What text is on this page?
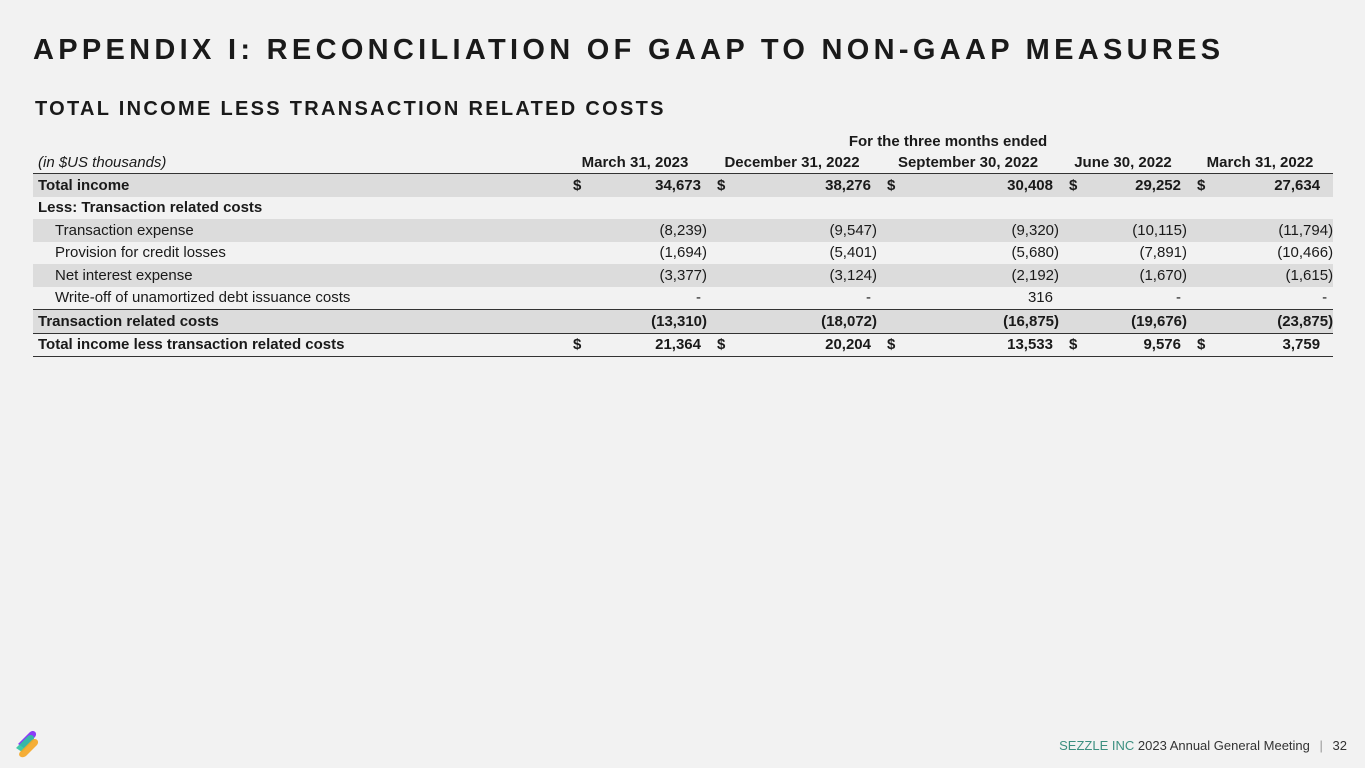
APPENDIX I: RECONCILIATION OF GAAP TO NON-GAAP MEASURES
TOTAL INCOME LESS TRANSACTION RELATED COSTS
	For the three months ended									
(in $US thousands)	March 31, 2023		December 31, 2022		September 30, 2022		June 30, 2022		March 31, 2022	
Total income	$	34,673	$	38,276	$	30,408	$	29,252	$	27,634
Less: Transaction related costs										
Transaction expense		(8,239)		(9,547)		(9,320)		(10,115)		(11,794)
Provision for credit losses		(1,694)		(5,401)		(5,680)		(7,891)		(10,466)
Net interest expense		(3,377)		(3,124)		(2,192)		(1,670)		(1,615)
Write-off of unamortized debt issuance costs		-		-		316		-		-
Transaction related costs		(13,310)		(18,072)		(16,875)		(19,676)		(23,875)
Total income less transaction related costs	$	21,364	$	20,204	$	13,533	$	9,576	$	3,759
SEZZLE INC 2023 Annual General Meeting | 32
